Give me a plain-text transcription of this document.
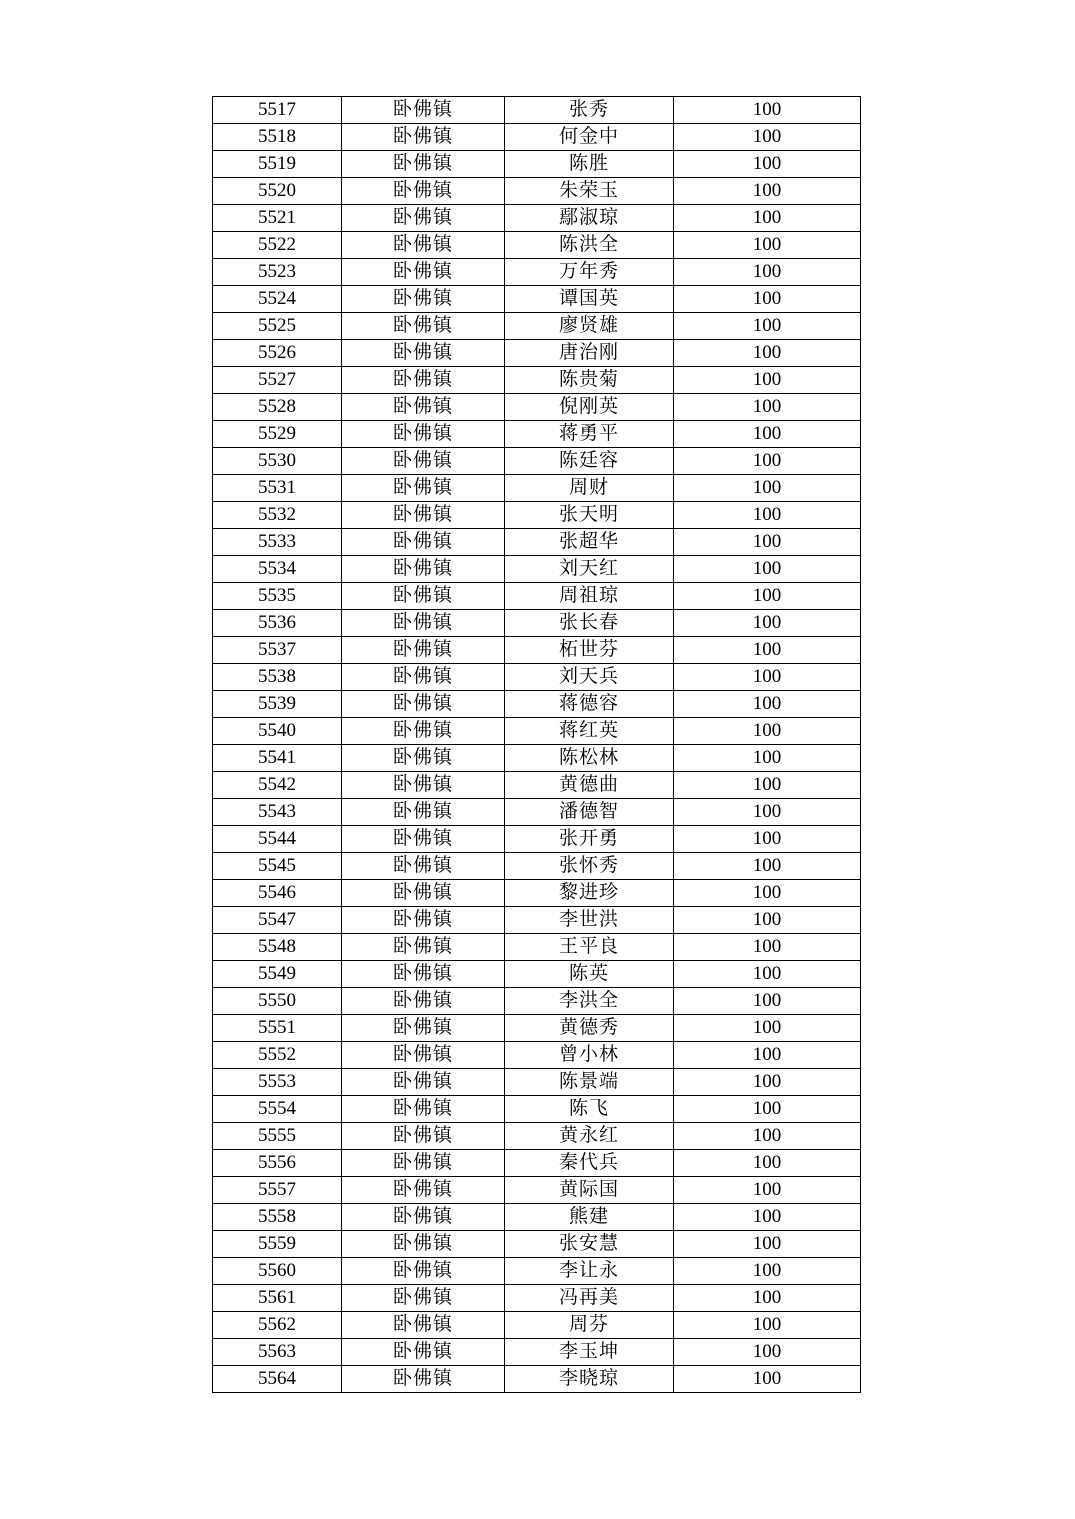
5517	卧佛镇	张秀	100
5518	卧佛镇	何金中	100
5519	卧佛镇	陈胜	100
5520	卧佛镇	朱荣玉	100
5521	卧佛镇	鄢淑琼	100
5522	卧佛镇	陈洪全	100
5523	卧佛镇	万年秀	100
5524	卧佛镇	谭国英	100
5525	卧佛镇	廖贤雄	100
5526	卧佛镇	唐治刚	100
5527	卧佛镇	陈贵菊	100
5528	卧佛镇	倪刚英	100
5529	卧佛镇	蒋勇平	100
5530	卧佛镇	陈廷容	100
5531	卧佛镇	周财	100
5532	卧佛镇	张天明	100
5533	卧佛镇	张超华	100
5534	卧佛镇	刘天红	100
5535	卧佛镇	周祖琼	100
5536	卧佛镇	张长春	100
5537	卧佛镇	柘世芬	100
5538	卧佛镇	刘天兵	100
5539	卧佛镇	蒋德容	100
5540	卧佛镇	蒋红英	100
5541	卧佛镇	陈松林	100
5542	卧佛镇	黄德曲	100
5543	卧佛镇	潘德智	100
5544	卧佛镇	张开勇	100
5545	卧佛镇	张怀秀	100
5546	卧佛镇	黎进珍	100
5547	卧佛镇	李世洪	100
5548	卧佛镇	王平良	100
5549	卧佛镇	陈英	100
5550	卧佛镇	李洪全	100
5551	卧佛镇	黄德秀	100
5552	卧佛镇	曾小林	100
5553	卧佛镇	陈景端	100
5554	卧佛镇	陈飞	100
5555	卧佛镇	黄永红	100
5556	卧佛镇	秦代兵	100
5557	卧佛镇	黄际国	100
5558	卧佛镇	熊建	100
5559	卧佛镇	张安慧	100
5560	卧佛镇	李让永	100
5561	卧佛镇	冯再美	100
5562	卧佛镇	周芬	100
5563	卧佛镇	李玉坤	100
5564	卧佛镇	李晓琼	100
